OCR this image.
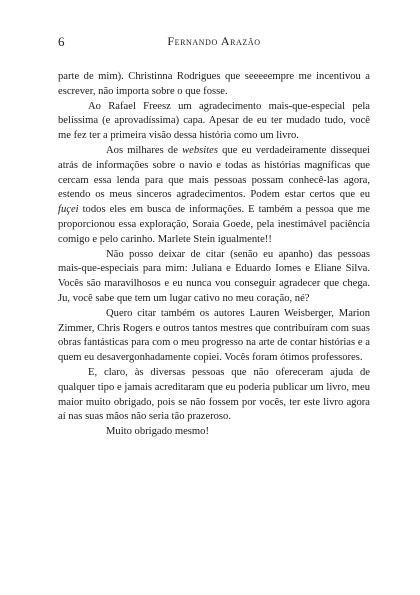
6	Fernando Arazão

parte de mim). Christinna Rodrigues que seeeeempre me incentivou a escrever, não importa sobre o que fosse.

Ao Rafael Freesz um agradecimento mais-que-especial pela belíssima (e aprovadíssima) capa. Apesar de eu ter mudado tudo, você me fez ter a primeira visão dessa história como um livro.

Aos milhares de websites que eu verdadeiramente dissequei atrás de informações sobre o navio e todas as histórias magníficas que cercam essa lenda para que mais pessoas possam conhecê-las agora, estendo os meus sinceros agradecimentos. Podem estar certos que eu fuçei todos eles em busca de informações. E também a pessoa que me proporcionou essa exploração, Soraia Goede, pela inestimável paciência comigo e pelo carinho. Marlete Stein igualmente!!

Não posso deixar de citar (senão eu apanho) das pessoas mais-que-especiais para mim: Juliana e Eduardo Iomes e Eliane Silva. Vocês são maravilhosos e eu nunca vou conseguir agradecer que chega. Ju, você sabe que tem um lugar cativo no meu coração, né?

Quero citar também os autores Lauren Weisberger, Marion Zimmer, Chris Rogers e outros tantos mestres que contribuíram com suas obras fantásticas para com o meu progresso na arte de contar histórias e a quem eu desavergonhadamente copiei. Vocês foram ótimos professores.

E, claro, às diversas pessoas que não ofereceram ajuda de qualquer tipo e jamais acreditaram que eu poderia publicar um livro, meu maior muito obrigado, pois se não fossem por vocês, ter este livro agora aí nas suas mãos não seria tão prazeroso.

Muito obrigado mesmo!
